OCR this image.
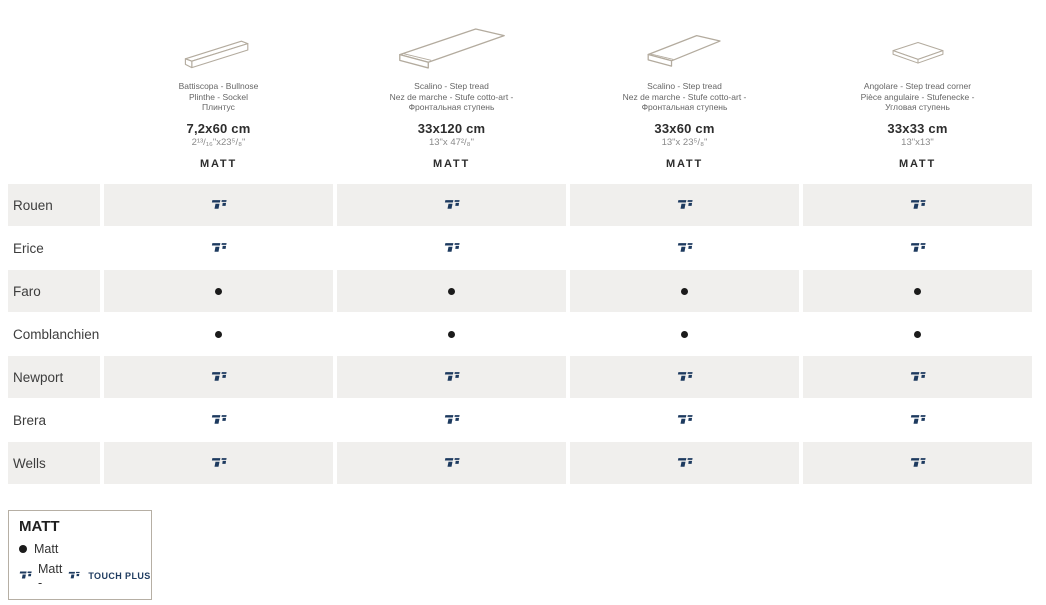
Battiscopa - Bullnose
Plinthe - Sockel
Плинтус
7,2x60 cm
2¹³/₁₆"x23⁵/₈"
MATT
Scalino - Step tread
Nez de marche - Stufe cotto-art -
Фронтальная ступень
33x120 cm
13"x 47²/₈"
MATT
Scalino - Step tread
Nez de marche - Stufe cotto-art -
Фронтальная ступень
33x60 cm
13"x 23⁵/₈"
MATT
Angolare - Step tread corner
Pièce angulaire - Stufenecke -
Угловая ступень
33x33 cm
13"x13"
MATT
Rouen
Erice
Faro
Comblanchien
Newport
Brera
Wells
MATT
Matt
Matt -	TOUCH PLUS
